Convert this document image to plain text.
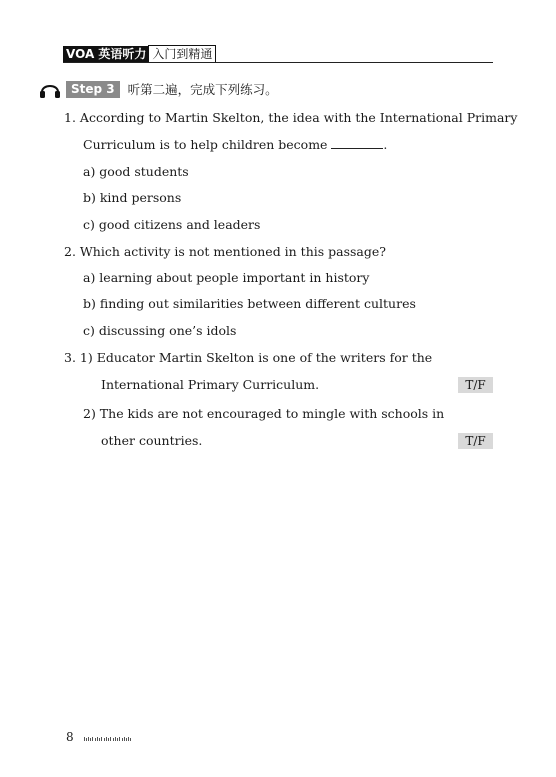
VOA 英语听力 入门到精通
Step 3	听第二遍，完成下列练习。
1. According to Martin Skelton, the idea with the International Primary
Curriculum is to help children become	.
a) good students
b) kind persons
c) good citizens and leaders
2. Which activity is not mentioned in this passage?
a) learning about people important in history
b) finding out similarities between different cultures
c) discussing one’s idols
3. 1) Educator Martin Skelton is one of the writers for the
International Primary Curriculum.	T/F
2) The kids are not encouraged to mingle with schools in
other countries.	T/F
8
